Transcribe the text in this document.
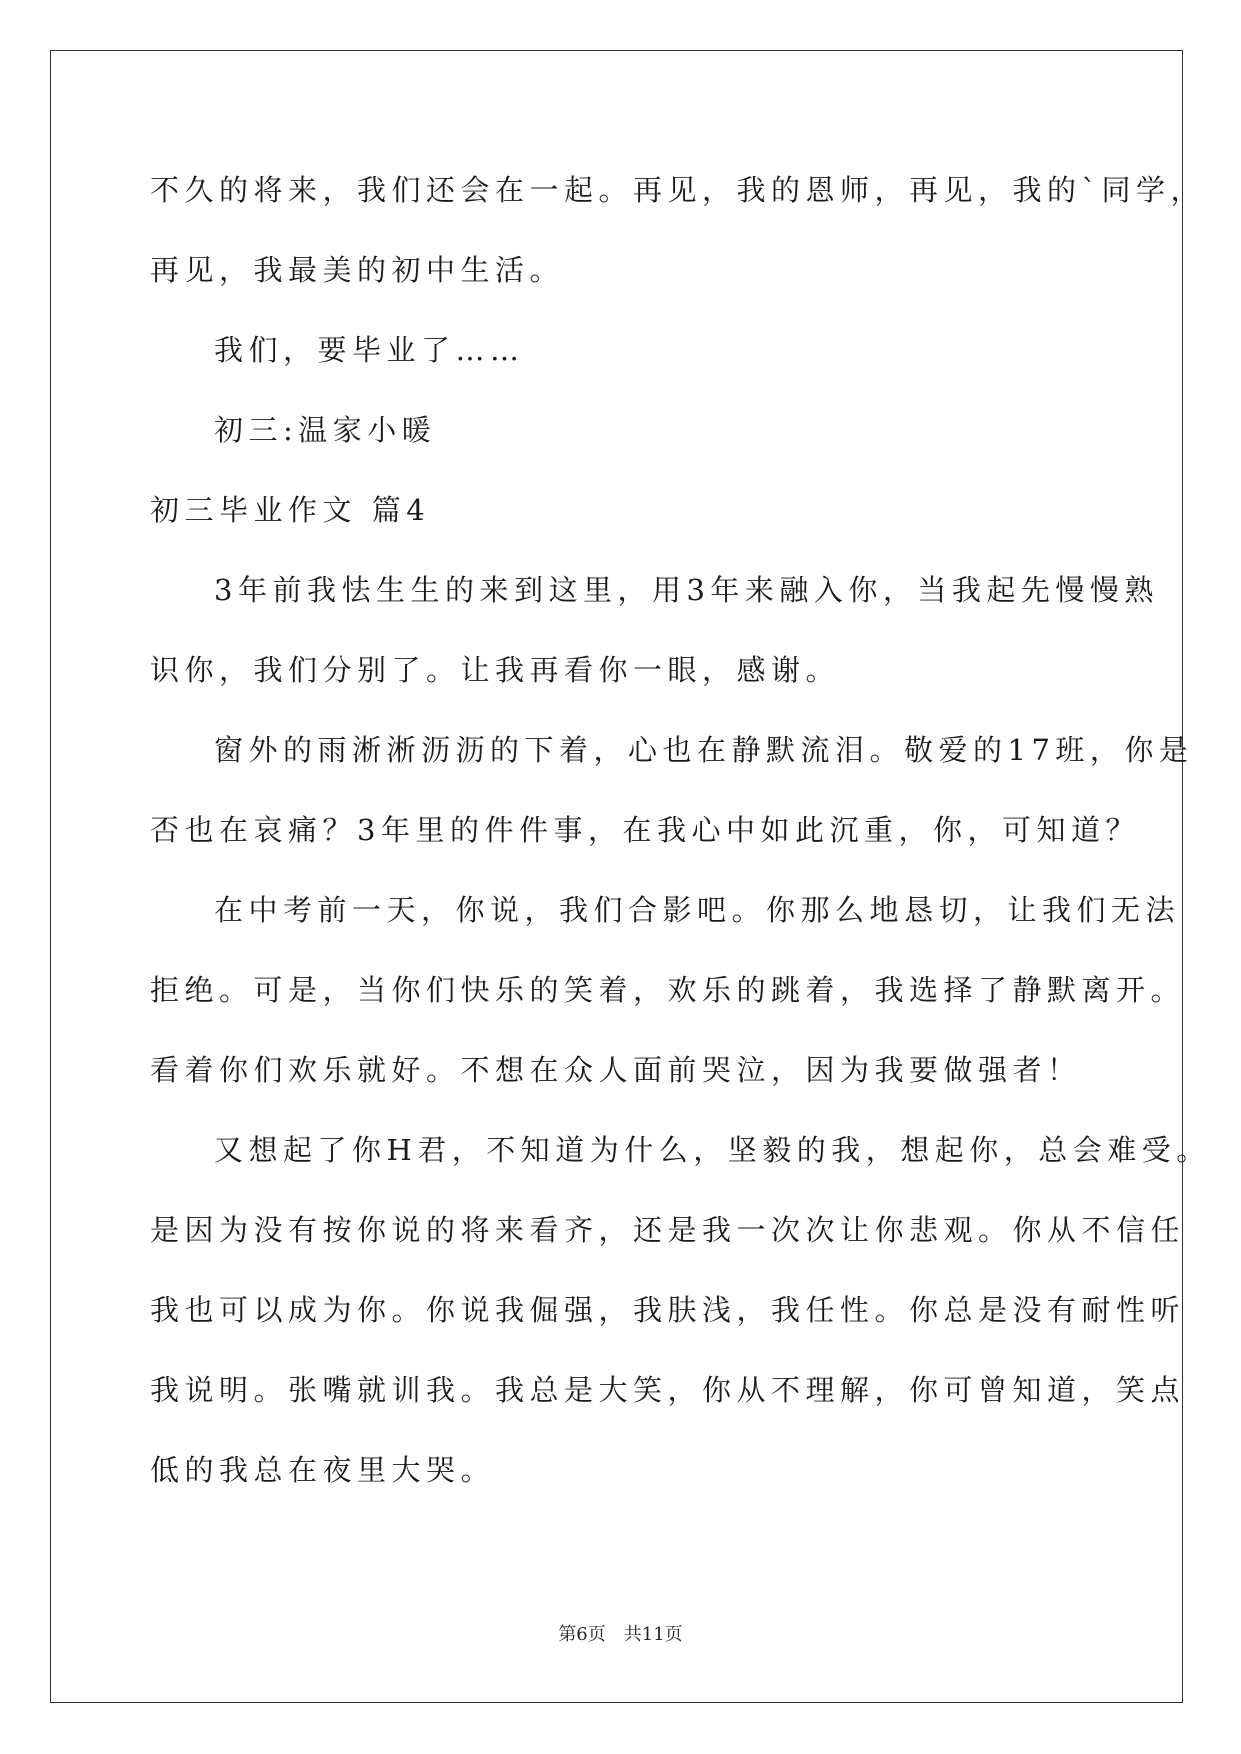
不久的将来，我们还会在一起。再见，我的恩师，再见，我的`同学，
再见，我最美的初中生活。
我们，要毕业了……
初三:温家小暖
初三毕业作文 篇4
3年前我怯生生的来到这里，用3年来融入你，当我起先慢慢熟
识你，我们分别了。让我再看你一眼，感谢。
窗外的雨淅淅沥沥的下着，心也在静默流泪。敬爱的17班，你是
否也在哀痛？3年里的件件事，在我心中如此沉重，你，可知道？
在中考前一天，你说，我们合影吧。你那么地恳切，让我们无法
拒绝。可是，当你们快乐的笑着，欢乐的跳着，我选择了静默离开。
看着你们欢乐就好。不想在众人面前哭泣，因为我要做强者！
又想起了你H君，不知道为什么，坚毅的我，想起你，总会难受。
是因为没有按你说的将来看齐，还是我一次次让你悲观。你从不信任
我也可以成为你。你说我倔强，我肤浅，我任性。你总是没有耐性听
我说明。张嘴就训我。我总是大笑，你从不理解，你可曾知道，笑点
低的我总在夜里大哭。
第6页　共11页
